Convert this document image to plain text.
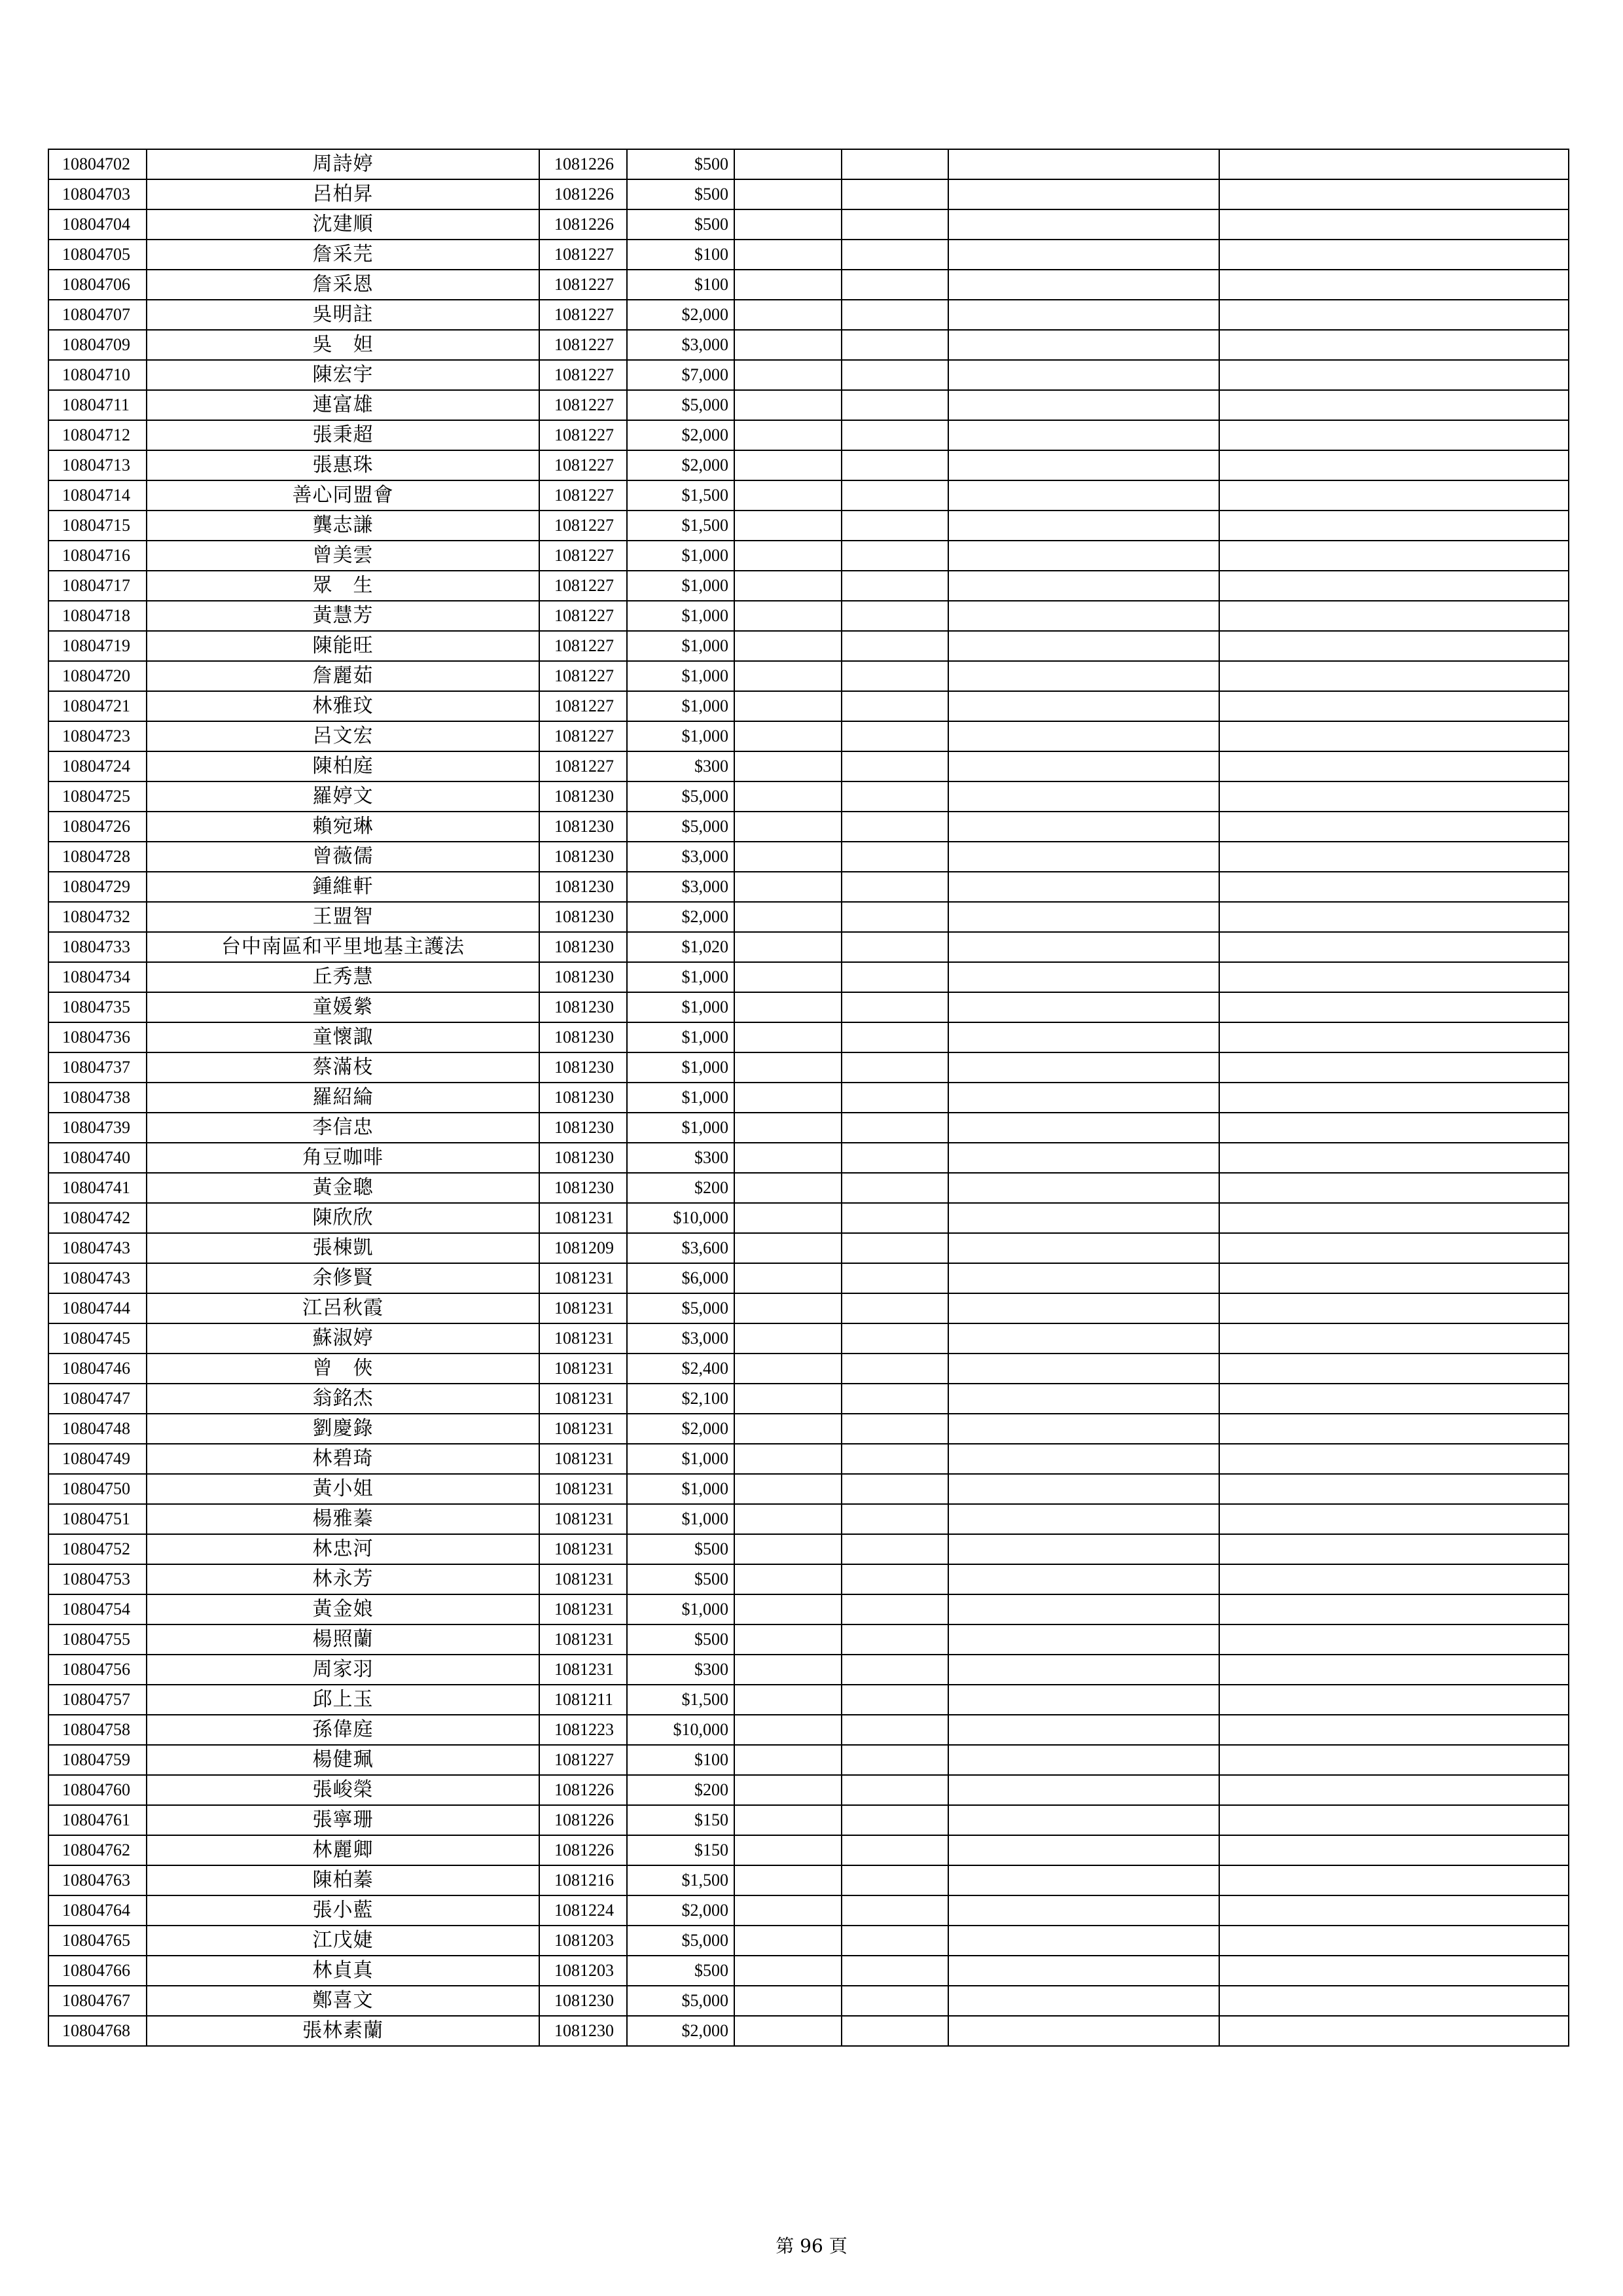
10804702	周詩婷	1081226	$500				
10804703	呂柏昇	1081226	$500				
10804704	沈建順	1081226	$500				
10804705	詹采芫	1081227	$100				
10804706	詹采恩	1081227	$100				
10804707	吳明註	1081227	$2,000				
10804709	吳　妲	1081227	$3,000				
10804710	陳宏宇	1081227	$7,000				
10804711	連富雄	1081227	$5,000				
10804712	張秉超	1081227	$2,000				
10804713	張惠珠	1081227	$2,000				
10804714	善心同盟會	1081227	$1,500				
10804715	龔志謙	1081227	$1,500				
10804716	曾美雲	1081227	$1,000				
10804717	眾　生	1081227	$1,000				
10804718	黃慧芳	1081227	$1,000				
10804719	陳能旺	1081227	$1,000				
10804720	詹麗茹	1081227	$1,000				
10804721	林雅玟	1081227	$1,000				
10804723	呂文宏	1081227	$1,000				
10804724	陳柏庭	1081227	$300				
10804725	羅婷文	1081230	$5,000				
10804726	賴宛琳	1081230	$5,000				
10804728	曾薇儒	1081230	$3,000				
10804729	鍾維軒	1081230	$3,000				
10804732	王盟智	1081230	$2,000				
10804733	台中南區和平里地基主護法	1081230	$1,020				
10804734	丘秀慧	1081230	$1,000				
10804735	童媛縈	1081230	$1,000				
10804736	童懷諏	1081230	$1,000				
10804737	蔡滿枝	1081230	$1,000				
10804738	羅紹綸	1081230	$1,000				
10804739	李信忠	1081230	$1,000				
10804740	角豆咖啡	1081230	$300				
10804741	黃金聰	1081230	$200				
10804742	陳欣欣	1081231	$10,000				
10804743	張棟凱	1081209	$3,600				
10804743	余修賢	1081231	$6,000				
10804744	江呂秋霞	1081231	$5,000				
10804745	蘇淑婷	1081231	$3,000				
10804746	曾　俠	1081231	$2,400				
10804747	翁銘杰	1081231	$2,100				
10804748	劉慶錄	1081231	$2,000				
10804749	林碧琦	1081231	$1,000				
10804750	黃小姐	1081231	$1,000				
10804751	楊雅蓁	1081231	$1,000				
10804752	林忠河	1081231	$500				
10804753	林永芳	1081231	$500				
10804754	黃金娘	1081231	$1,000				
10804755	楊照蘭	1081231	$500				
10804756	周家羽	1081231	$300				
10804757	邱上玉	1081211	$1,500				
10804758	孫偉庭	1081223	$10,000				
10804759	楊健珮	1081227	$100				
10804760	張峻榮	1081226	$200				
10804761	張寧珊	1081226	$150				
10804762	林麗卿	1081226	$150				
10804763	陳柏蓁	1081216	$1,500				
10804764	張小藍	1081224	$2,000				
10804765	江戊婕	1081203	$5,000				
10804766	林貞真	1081203	$500				
10804767	鄭喜文	1081230	$5,000				
10804768	張林素蘭	1081230	$2,000				
第 96 頁
